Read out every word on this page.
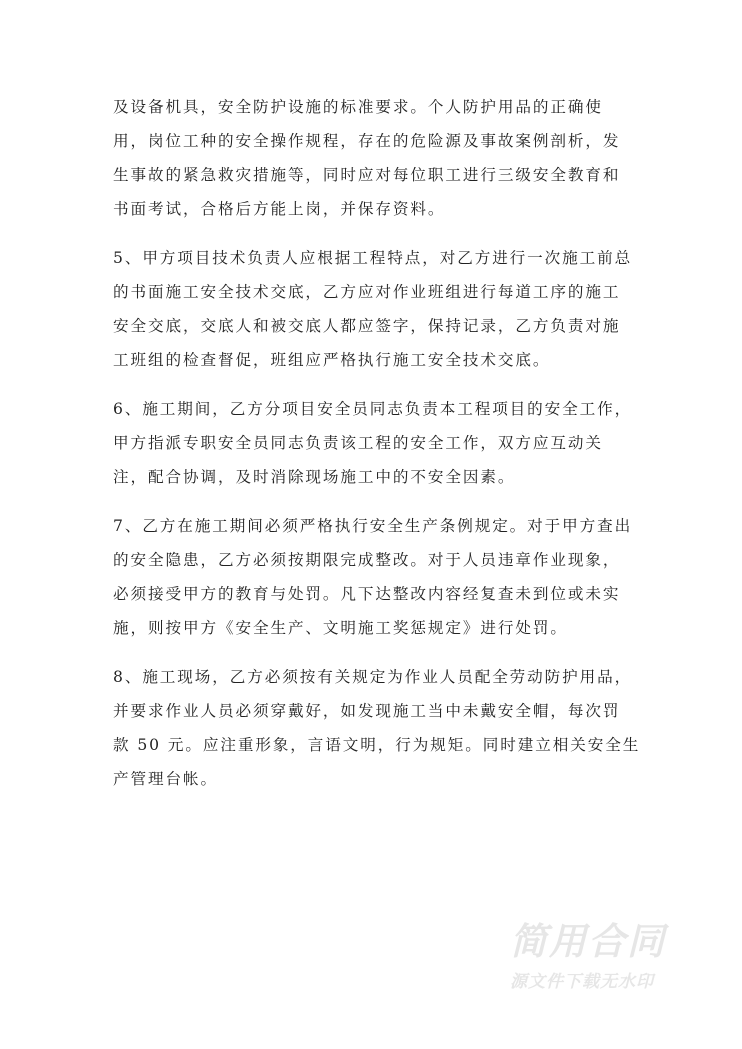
及设备机具，安全防护设施的标准要求。个人防护用品的正确使
用，岗位工种的安全操作规程，存在的危险源及事故案例剖析，发
生事故的紧急救灾措施等，同时应对每位职工进行三级安全教育和
书面考试，合格后方能上岗，并保存资料。
5、甲方项目技术负责人应根据工程特点，对乙方进行一次施工前总
的书面施工安全技术交底，乙方应对作业班组进行每道工序的施工
安全交底，交底人和被交底人都应签字，保持记录，乙方负责对施
工班组的检查督促，班组应严格执行施工安全技术交底。
6、施工期间，乙方分项目安全员同志负责本工程项目的安全工作，
甲方指派专职安全员同志负责该工程的安全工作，双方应互动关
注，配合协调，及时消除现场施工中的不安全因素。
7、乙方在施工期间必须严格执行安全生产条例规定。对于甲方查出
的安全隐患，乙方必须按期限完成整改。对于人员违章作业现象，
必须接受甲方的教育与处罚。凡下达整改内容经复查未到位或未实
施，则按甲方《安全生产、文明施工奖惩规定》进行处罚。
8、施工现场，乙方必须按有关规定为作业人员配全劳动防护用品，
并要求作业人员必须穿戴好，如发现施工当中未戴安全帽，每次罚
款 50 元。应注重形象，言语文明，行为规矩。同时建立相关安全生
产管理台帐。
简用合同
源文件下载无水印
